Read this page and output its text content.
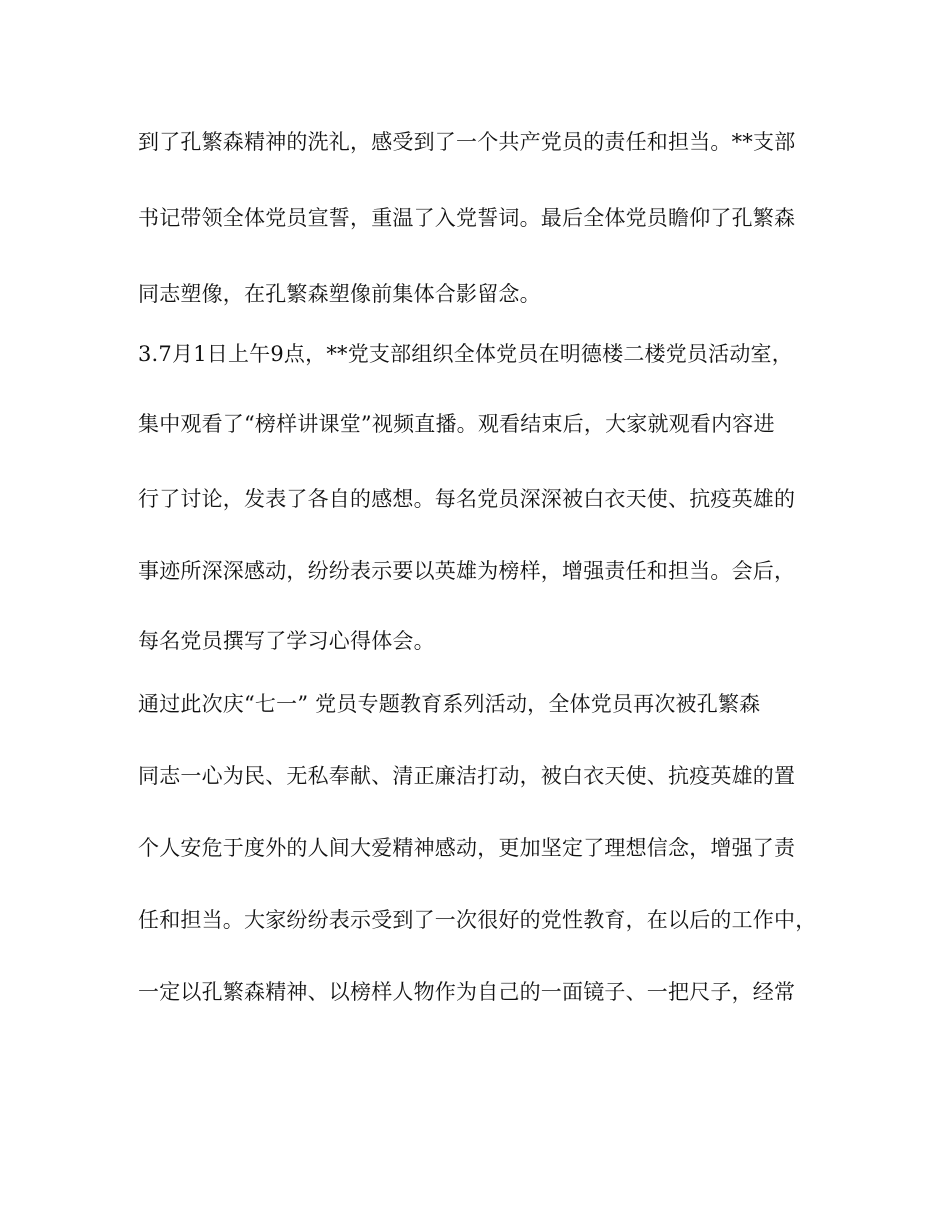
到了孔繁森精神的洗礼，感受到了一个共产党员的责任和担当。**支部
书记带领全体党员宣誓，重温了入党誓词。最后全体党员瞻仰了孔繁森
同志塑像，在孔繁森塑像前集体合影留念。
3.7月1日上午9点，**党支部组织全体党员在明德楼二楼党员活动室，
集中观看了“榜样讲课堂”视频直播。观看结束后，大家就观看内容进
行了讨论，发表了各自的感想。每名党员深深被白衣天使、抗疫英雄的
事迹所深深感动，纷纷表示要以英雄为榜样，增强责任和担当。会后，
每名党员撰写了学习心得体会。
通过此次庆“七一” 党员专题教育系列活动，全体党员再次被孔繁森
同志一心为民、无私奉献、清正廉洁打动，被白衣天使、抗疫英雄的置
个人安危于度外的人间大爱精神感动，更加坚定了理想信念，增强了责
任和担当。大家纷纷表示受到了一次很好的党性教育，在以后的工作中，
一定以孔繁森精神、以榜样人物作为自己的一面镜子、一把尺子，经常
